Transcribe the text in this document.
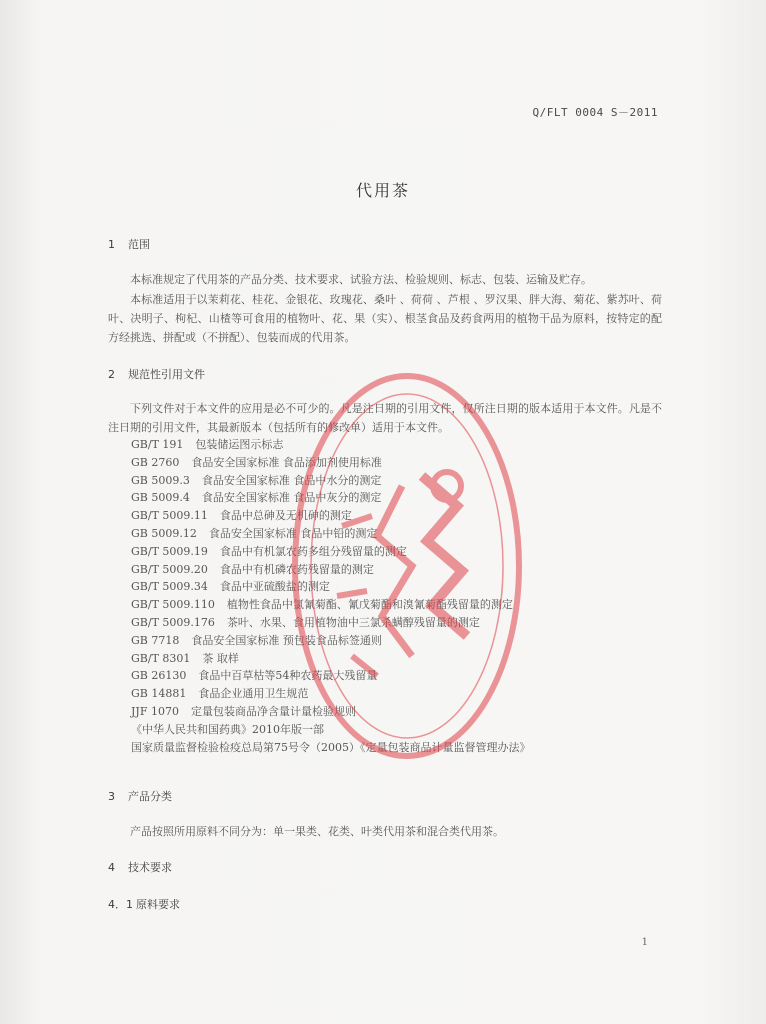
Q/FLT 0004 S－2011
代用茶
1 范围
本标准规定了代用茶的产品分类、技术要求、试验方法、检验规则、标志、包装、运输及贮存。
本标准适用于以茉莉花、桂花、金银花、玫瑰花、桑叶 、荷荷 、芦根 、罗汉果、胖大海、菊花、紫苏叶、荷叶、决明子、枸杞、山楂等可食用的植物叶、花、果（实）、根茎食品及药食两用的植物干品为原料，按特定的配方经挑选、拼配或（不拼配）、包装而成的代用茶。
2 规范性引用文件
下列文件对于本文件的应用是必不可少的。凡是注日期的引用文件，仅所注日期的版本适用于本文件。凡是不注日期的引用文件，其最新版本（包括所有的修改单）适用于本文件。
GB/T 191 包装储运图示标志
GB 2760 食品安全国家标准 食品添加剂使用标准
GB 5009.3 食品安全国家标准 食品中水分的测定
GB 5009.4 食品安全国家标准 食品中灰分的测定
GB/T 5009.11 食品中总砷及无机砷的测定
GB 5009.12 食品安全国家标准 食品中铅的测定
GB/T 5009.19 食品中有机氯农药多组分残留量的测定
GB/T 5009.20 食品中有机磷农药残留量的测定
GB/T 5009.34 食品中亚硫酸盐的测定
GB/T 5009.110 植物性食品中氯氰菊酯、氰戊菊酯和溴氰菊酯残留量的测定
GB/T 5009.176 茶叶、水果、食用植物油中三氯杀螨醇残留量的测定
GB 7718 食品安全国家标准 预包装食品标签通则
GB/T 8301 茶 取样
GB 26130 食品中百草枯等54种农药最大残留量
GB 14881 食品企业通用卫生规范
JJF 1070 定量包装商品净含量计量检验规则
《中华人民共和国药典》2010年版一部
国家质量监督检验检疫总局第75号令（2005）《定量包装商品计量监督管理办法》
3 产品分类
产品按照所用原料不同分为：单一果类、花类、叶类代用茶和混合类代用茶。
4 技术要求
4．1 原料要求
1
